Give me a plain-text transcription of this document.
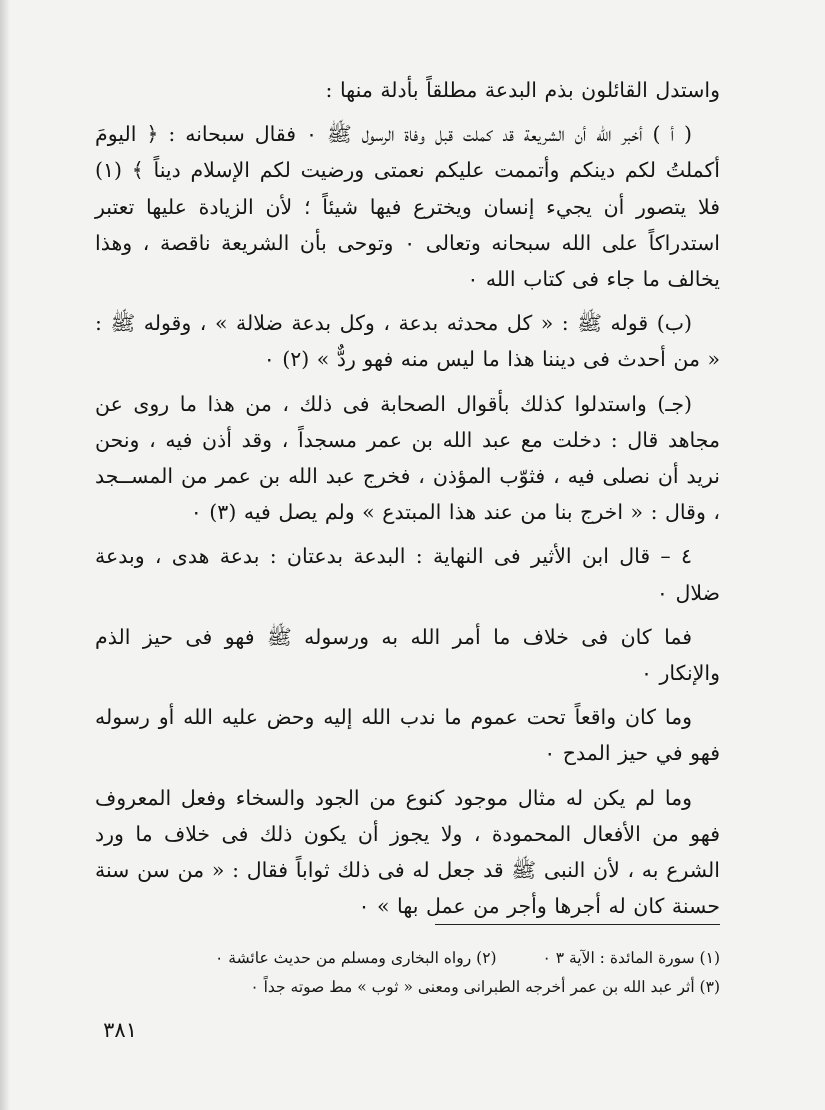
واستدل القائلون بذم البدعة مطلقاً بأدلة منها :

( أ ) أخبر الله أن الشريعة قد كملت قبل وفاة الرسول ﷺ ٠ فقال سبحانه : ﴿ اليومَ أكملتُ لكم دينكم وأتممت عليكم نعمتى ورضيت لكم الإسلام ديناً ﴾ (١) فلا يتصور أن يجيء إنسان ويخترع فيها شيئاً ؛ لأن الزيادة عليها تعتبر استدراكاً على الله سبحانه وتعالى ٠ وتوحى بأن الشريعة ناقصة ، وهذا يخالف ما جاء فى كتاب الله ٠

(ب) قوله ﷺ : « كل محدثه بدعة ، وكل بدعة ضلالة » ، وقوله ﷺ : « من أحدث فى ديننا هذا ما ليس منه فهو ردٌّ » (٢) ٠

(جـ) واستدلوا كذلك بأقوال الصحابة فى ذلك ، من هذا ما روى عن مجاهد قال : دخلت مع عبد الله بن عمر مسجداً ، وقد أذن فيه ، ونحن نريد أن نصلى فيه ، فثوّب المؤذن ، فخرج عبد الله بن عمر من المســجد ، وقال : « اخرج بنا من عند هذا المبتدع » ولم يصل فيه (٣) ٠

٤ – قال ابن الأثير فى النهاية : البدعة بدعتان : بدعة هدى ، وبدعة ضلال ٠

فما كان فى خلاف ما أمر الله به ورسوله ﷺ فهو فى حيز الذم والإنكار ٠

وما كان واقعاً تحت عموم ما ندب الله إليه وحض عليه الله أو رسوله فهو في حيز المدح ٠

وما لم يكن له مثال موجود كنوع من الجود والسخاء وفعل المعروف فهو من الأفعال المحمودة ، ولا يجوز أن يكون ذلك فى خلاف ما ورد الشرع به ، لأن النبى ﷺ قد جعل له فى ذلك ثواباً فقال : « من سن سنة حسنة كان له أجرها وأجر من عمل بها » ٠

(١) سورة المائدة : الآية ٣ ٠  (٢) رواه البخارى ومسلم من حديث عائشة ٠
(٣) أثر عبد الله بن عمر أخرجه الطبرانى ومعنى « ثوب » مط صوته جداً ٠
٣٨١
